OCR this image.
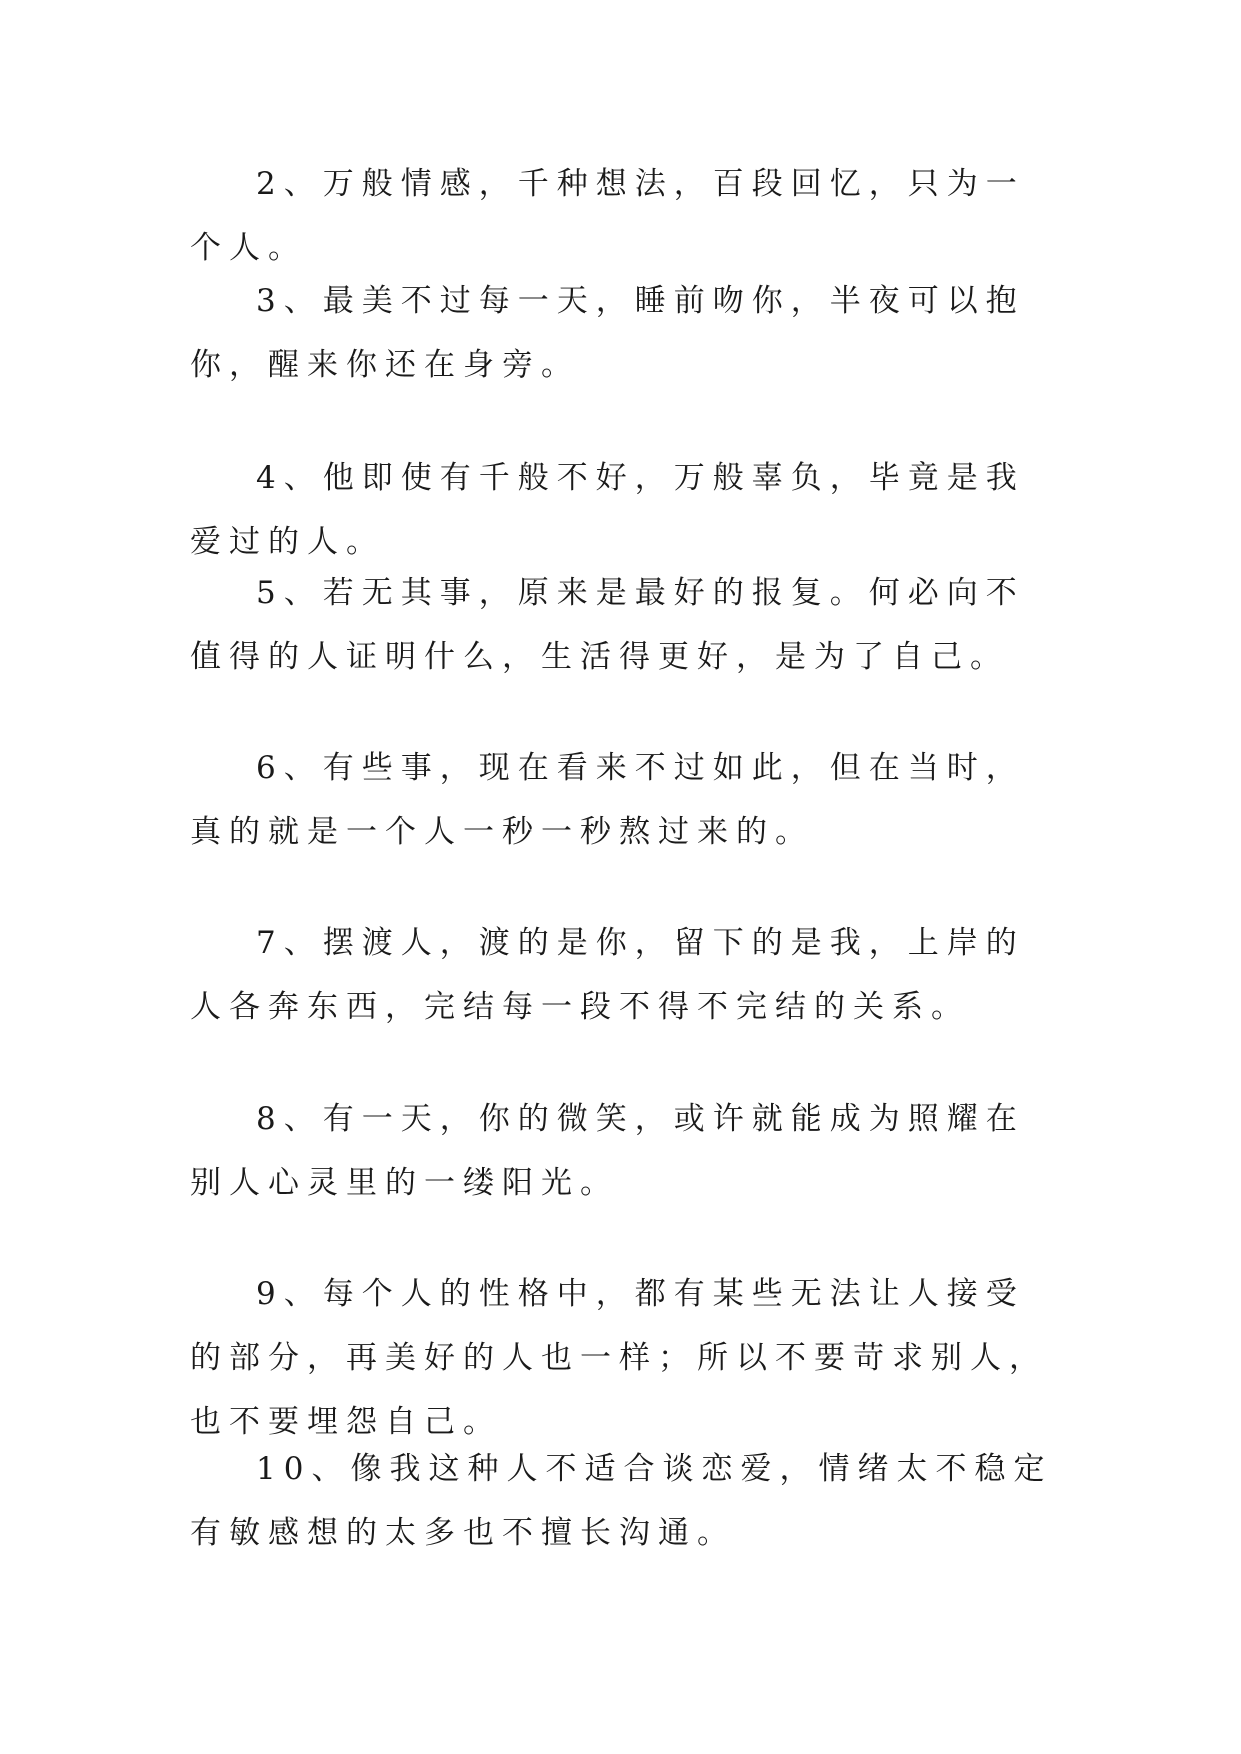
2、万般情感，千种想法，百段回忆，只为一个人。

3、最美不过每一天，睡前吻你，半夜可以抱你，醒来你还在身旁。

4、他即使有千般不好，万般辜负，毕竟是我爱过的人。

5、若无其事，原来是最好的报复。何必向不值得的人证明什么，生活得更好，是为了自己。

6、有些事，现在看来不过如此，但在当时，真的就是一个人一秒一秒熬过来的。

7、摆渡人，渡的是你，留下的是我，上岸的人各奔东西，完结每一段不得不完结的关系。

8、有一天，你的微笑，或许就能成为照耀在别人心灵里的一缕阳光。

9、每个人的性格中，都有某些无法让人接受的部分，再美好的人也一样；所以不要苛求别人，也不要埋怨自己。

10、像我这种人不适合谈恋爱，情绪太不稳定有敏感想的太多也不擅长沟通。
